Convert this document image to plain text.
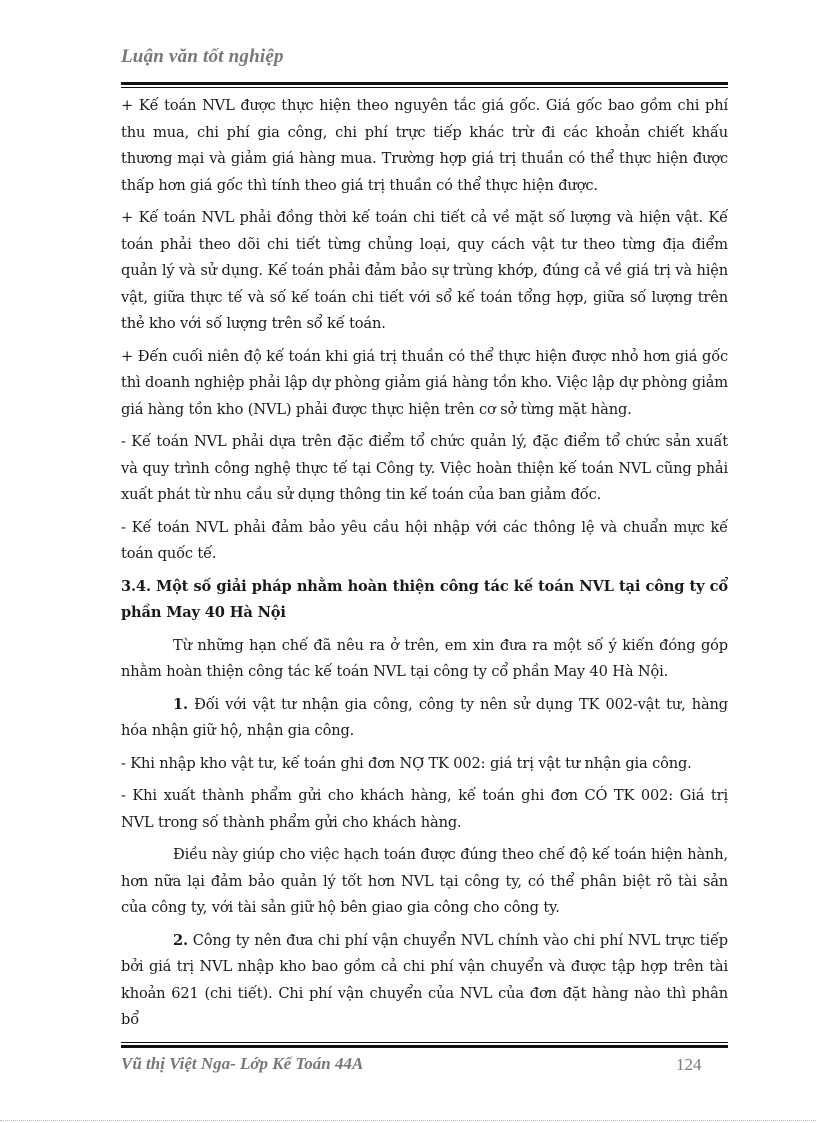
Luận văn tốt nghiệp

+ Kế toán NVL được thực hiện theo nguyên tắc giá gốc. Giá gốc bao gồm chi phí thu mua, chi phí gia công, chi phí trực tiếp khác trừ đi các khoản chiết khấu thương mại và giảm giá hàng mua. Trường hợp giá trị thuần có thể thực hiện được thấp hơn giá gốc thì tính theo giá trị thuần có thể thực hiện được.

+ Kế toán NVL phải đồng thời kế toán chi tiết cả về mặt số lượng và hiện vật. Kế toán phải theo dõi chi tiết từng chủng loại, quy cách vật tư theo từng địa điểm quản lý và sử dụng. Kế toán phải đảm bảo sự trùng khớp, đúng cả về giá trị và hiện vật, giữa thực tế và số kế toán chi tiết với sổ kế toán tổng hợp, giữa số lượng trên thẻ kho với số lượng trên sổ kế toán.

+ Đến cuối niên độ kế toán khi giá trị thuần có thể thực hiện được nhỏ hơn giá gốc thì doanh nghiệp phải lập dự phòng giảm giá hàng tồn kho. Việc lập dự phòng giảm giá hàng tồn kho (NVL) phải được thực hiện trên cơ sở từng mặt hàng.

- Kế toán NVL phải dựa trên đặc điểm tổ chức quản lý, đặc điểm tổ chức sản xuất và quy trình công nghệ thực tế tại Công ty. Việc hoàn thiện kế toán NVL cũng phải xuất phát từ nhu cầu sử dụng thông tin kế toán của ban giảm đốc.

- Kế toán NVL phải đảm bảo yêu cầu hội nhập với các thông lệ và chuẩn mực kế toán quốc tế.

3.4. Một số giải pháp nhằm hoàn thiện công tác kế toán NVL tại công ty cổ phần May 40 Hà Nội

Từ những hạn chế đã nêu ra ở trên, em xin đưa ra một số ý kiến đóng góp nhằm hoàn thiện công tác kế toán NVL tại công ty cổ phần May 40 Hà Nội.

1. Đối với vật tư nhận gia công, công ty nên sử dụng TK 002-vật tư, hàng hóa nhận giữ hộ, nhận gia công.

- Khi nhập kho vật tư, kế toán ghi đơn NỢ TK 002: giá trị vật tư nhận gia công.

- Khi xuất thành phẩm gửi cho khách hàng, kế toán ghi đơn CÓ TK 002: Giá trị NVL trong số thành phẩm gửi cho khách hàng.

Điều này giúp cho việc hạch toán được đúng theo chế độ kế toán hiện hành, hơn nữa lại đảm bảo quản lý tốt hơn NVL tại công ty, có thể phân biệt rõ tài sản của công ty, với tài sản giữ hộ bên giao gia công cho công ty.

2. Công ty nên đưa chi phí vận chuyển NVL chính vào chi phí NVL trực tiếp bởi giá trị NVL nhập kho bao gồm cả chi phí vận chuyển và được tập hợp trên tài khoản 621 (chi tiết). Chi phí vận chuyển của NVL của đơn đặt hàng nào thì phân bổ

Vũ thị Việt Nga- Lớp Kế Toán 44A	124
